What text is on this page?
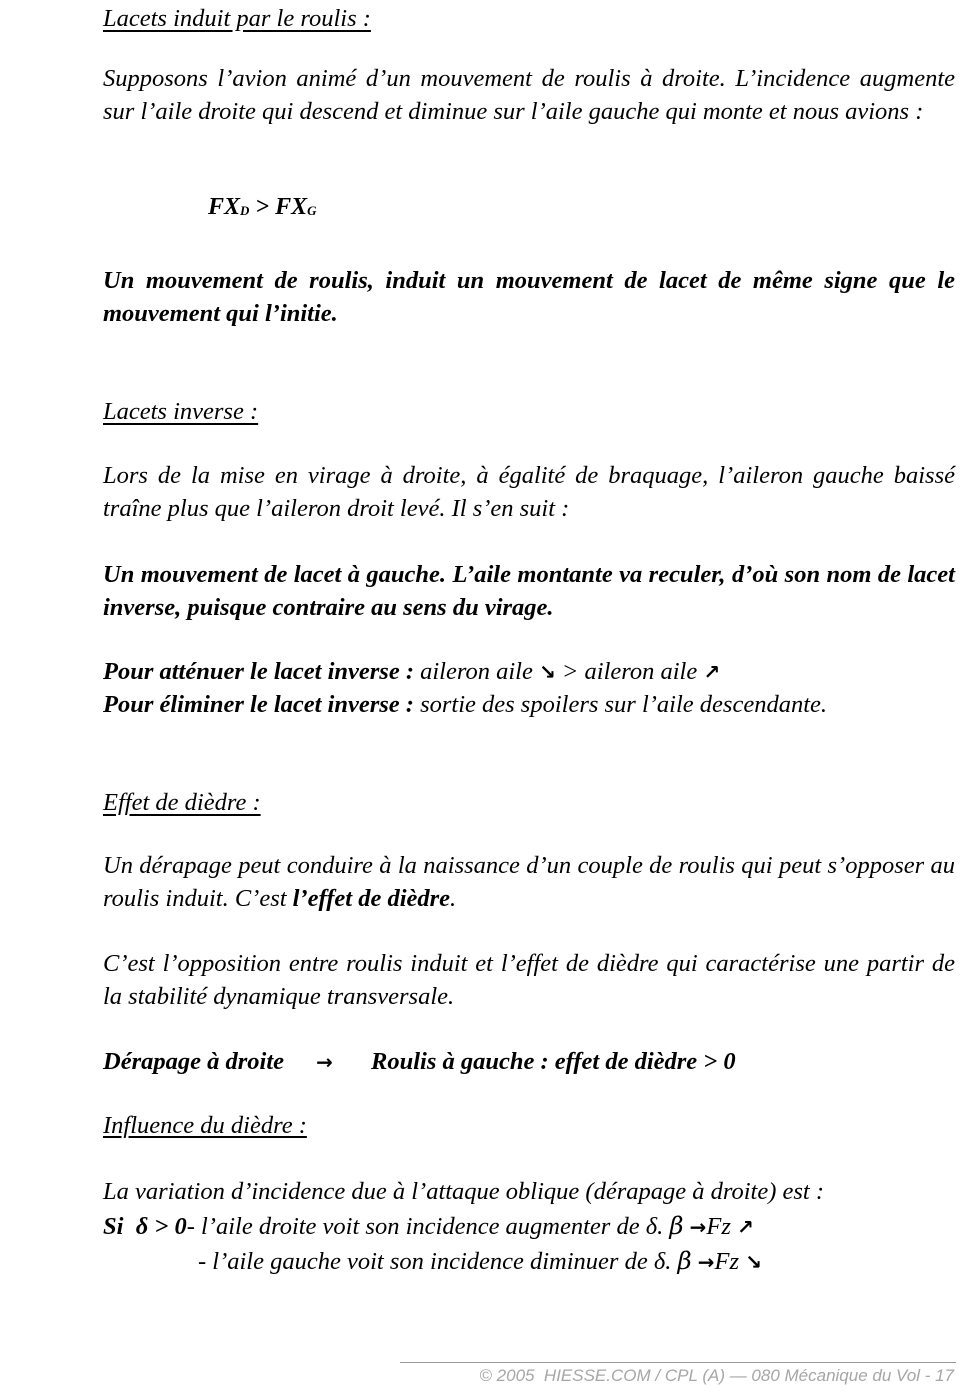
Lacets induit par le roulis :
Supposons l’avion animé d’un mouvement de roulis à droite. L’incidence augmente sur l’aile droite qui descend et diminue sur l’aile gauche qui monte et nous avions :
$FX_D > FX_G$
Un mouvement de roulis, induit un mouvement de lacet de même signe que le mouvement qui l’initie.
Lacets inverse :
Lors de la mise en virage à droite, à égalité de braquage, l’aileron gauche baissé traîne plus que l’aileron droit levé. Il s’en suit :
Un mouvement de lacet à gauche. L’aile montante va reculer, d’où son nom de lacet inverse, puisque contraire au sens du virage.
Pour atténuer le lacet inverse : aileron aile ↘ > aileron aile ↗
Pour éliminer le lacet inverse : sortie des spoilers sur l’aile descendante.
Effet de dièdre :
Un dérapage peut conduire à la naissance d’un couple de roulis qui peut s’opposer au roulis induit. C’est l’effet de dièdre.
C’est l’opposition entre roulis induit et l’effet de dièdre qui caractérise une partir de la stabilité dynamique transversale.
Dérapage à droite → Roulis à gauche : effet de dièdre > 0
Influence du dièdre :
La variation d’incidence due à l’attaque oblique (dérapage à droite) est :
Si δ > 0- l’aile droite voit son incidence augmenter de δ. β →Fz ↗
- l’aile gauche voit son incidence diminuer de δ. β →Fz ↘
© 2005  HIESSE.COM / CPL (A) — 080 Mécanique du Vol - 17
